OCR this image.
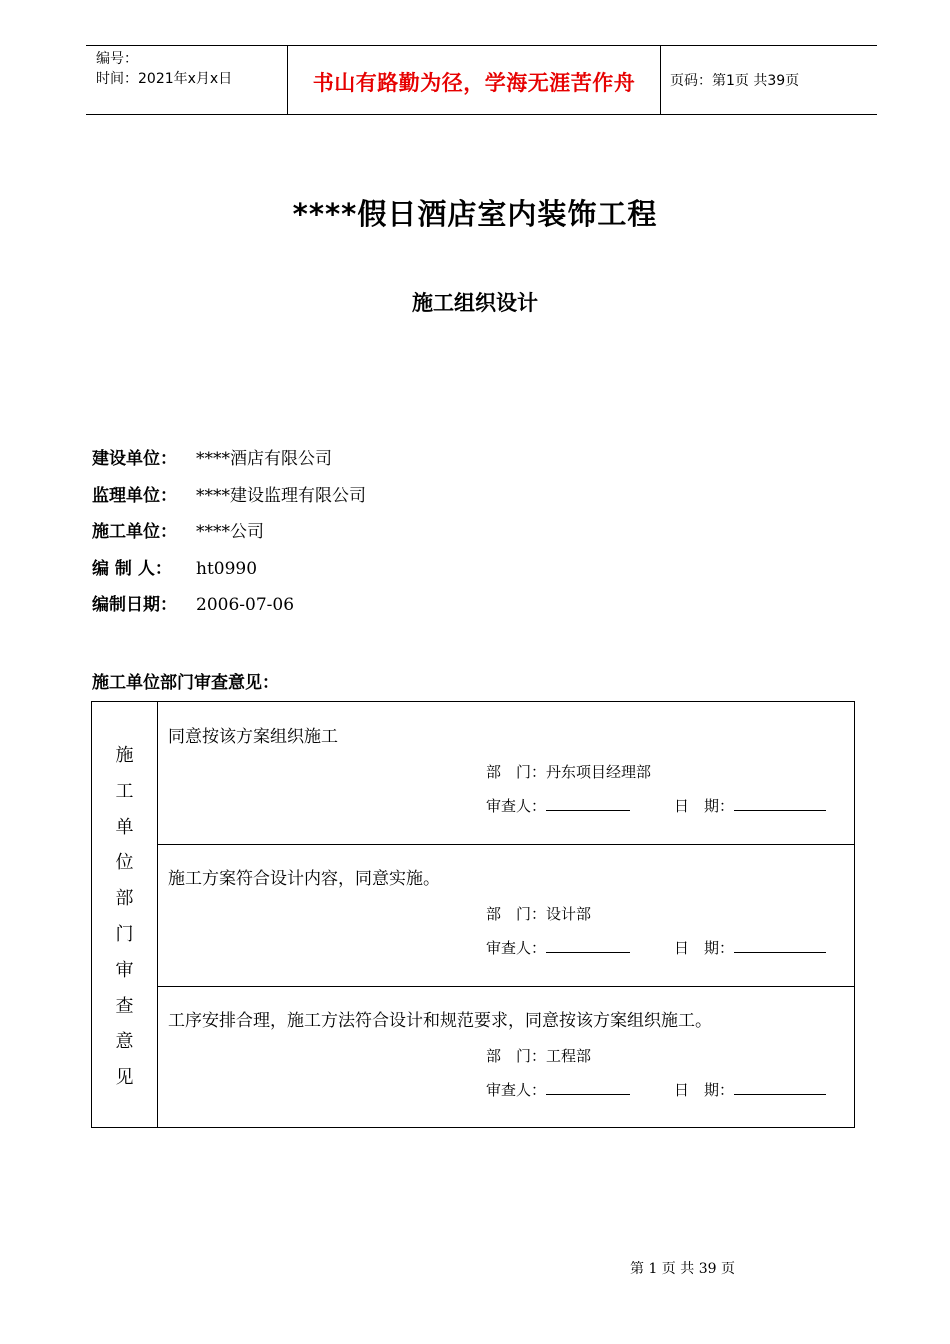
编号：
时间：2021年x月x日	书山有路勤为径，学海无涯苦作舟	页码：第1页 共39页
****假日酒店室内装饰工程
施工组织设计
建设单位： ****酒店有限公司
监理单位： ****建设监理有限公司
施工单位： ****公司
编 制 人： ht0990
编制日期： 2006-07-06
施工单位部门审查意见：
施
工
单
位
部
门
审
查
意
见
同意按该方案组织施工
部　门：丹东项目经理部
审查人：	日　期：
施工方案符合设计内容，同意实施。
部　门：设计部
审查人：	日　期：
工序安排合理，施工方法符合设计和规范要求，同意按该方案组织施工。
部　门：工程部
审查人：	日　期：
第 1 页 共 39 页
